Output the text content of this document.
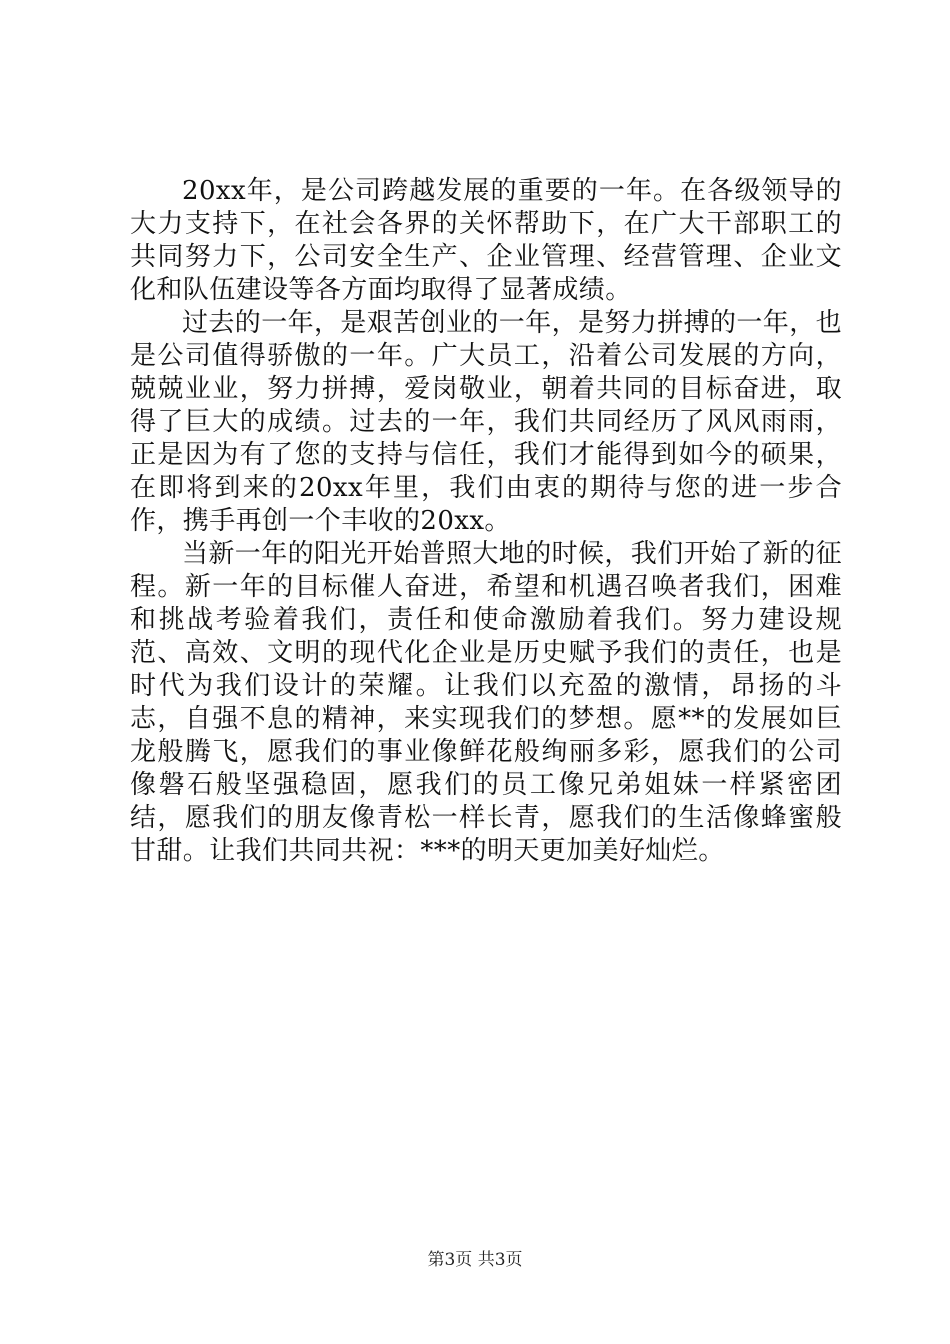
20xx年，是公司跨越发展的重要的一年。在各级领导的大力支持下，在社会各界的关怀帮助下，在广大干部职工的共同努力下，公司安全生产、企业管理、经营管理、企业文化和队伍建设等各方面均取得了显著成绩。

过去的一年，是艰苦创业的一年，是努力拼搏的一年，也是公司值得骄傲的一年。广大员工，沿着公司发展的方向，兢兢业业，努力拼搏，爱岗敬业，朝着共同的目标奋进，取得了巨大的成绩。过去的一年，我们共同经历了风风雨雨，正是因为有了您的支持与信任，我们才能得到如今的硕果，在即将到来的20xx年里，我们由衷的期待与您的进一步合作，携手再创一个丰收的20xx。

当新一年的阳光开始普照大地的时候，我们开始了新的征程。新一年的目标催人奋进，希望和机遇召唤者我们，困难和挑战考验着我们，责任和使命激励着我们。努力建设规范、高效、文明的现代化企业是历史赋予我们的责任，也是时代为我们设计的荣耀。让我们以充盈的激情，昂扬的斗志，自强不息的精神，来实现我们的梦想。愿**的发展如巨龙般腾飞，愿我们的事业像鲜花般绚丽多彩，愿我们的公司像磐石般坚强稳固，愿我们的员工像兄弟姐妹一样紧密团结，愿我们的朋友像青松一样长青，愿我们的生活像蜂蜜般甘甜。让我们共同共祝：***的明天更加美好灿烂。

第3页 共3页
